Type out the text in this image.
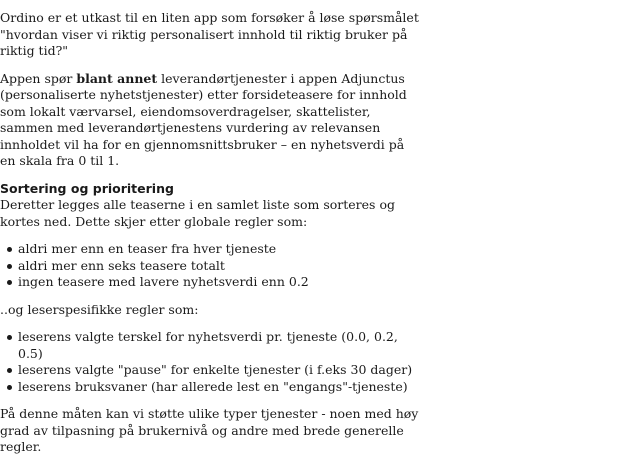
Ordino er et utkast til en liten app som forsøker å løse spørsmålet "hvordan viser vi riktig personalisert innhold til riktig bruker på riktig tid?"

Appen spør blant annet leverandørtjenester i appen Adjunctus (personaliserte nyhetstjenester) etter forsideteasere for innhold som lokalt værvarsel, eiendomsoverdragelser, skattelister, sammen med leverandørtjenestens vurdering av relevansen innholdet vil ha for en gjennomsnittsbruker – en nyhetsverdi på en skala fra 0 til 1.

Sortering og prioritering

Deretter legges alle teaserne i en samlet liste som sorteres og kortes ned. Dette skjer etter globale regler som:

aldri mer enn en teaser fra hver tjeneste
aldri mer enn seks teasere totalt
ingen teasere med lavere nyhetsverdi enn 0.2

..og leserspesifikke regler som:

leserens valgte terskel for nyhetsverdi pr. tjeneste (0.0, 0.2, 0.5)
leserens valgte "pause" for enkelte tjenester (i f.eks 30 dager)
leserens bruksvaner (har allerede lest en "engangs"-tjeneste)

På denne måten kan vi støtte ulike typer tjenester - noen med høy grad av tilpasning på brukernivå og andre med brede generelle regler.
